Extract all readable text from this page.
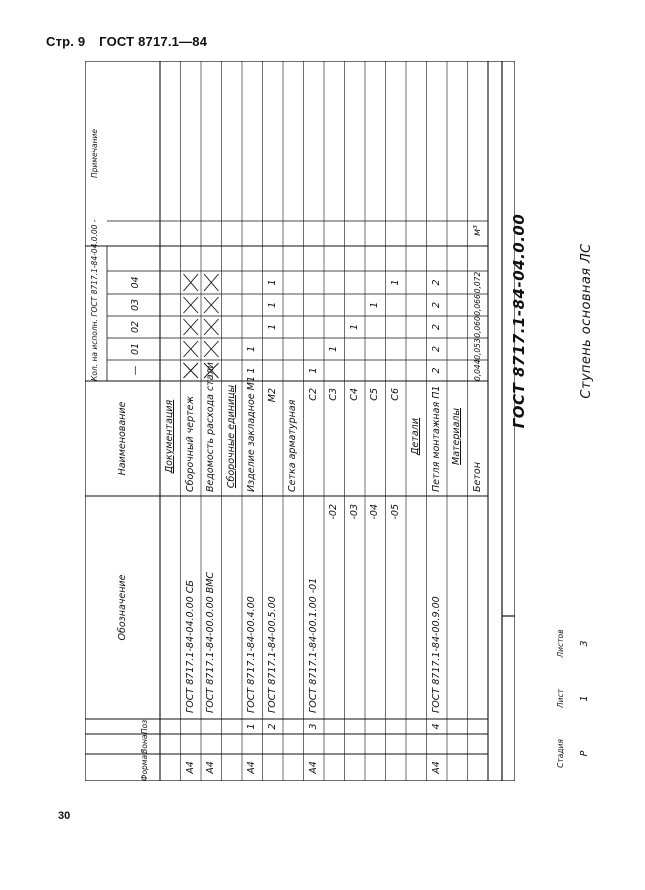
Стр. 9 ГОСТ 8717.1—84
30
Формат
Зона
Поз.
Обозначение
Наименование
Кол. на исполн. ГОСТ 8717.1-84-04.0.00 -
Примечание
—
01
02
03
04
Документация
А4
ГОСТ 8717.1-84-04.0.00 СБ
Сборочный чертеж
А4
ГОСТ 8717.1-84-00.0.00 ВМС
Ведомость расхода стали Сборочные единицы
А4
1
ГОСТ 8717.1-84-00.4.00
Изделие закладное М1
1
1
2
ГОСТ 8717.1-84-00.5.00
М2
1
1
1
Сетка арматурная
А4
3
ГОСТ 8717.1-84-00.1.00 -01
С2
1
-02
С3
1
-03
С4
1
-04
С5
1
-05
С6
1
Детали
А4
4
ГОСТ 8717.1-84-00.9.00
Петля монтажная П1
2
2
2
2
2
Материалы
Бетон
0,044
0,053
0,060
0,066
0,072
м³ ГОСТ 8717.1-84-04.0.00	Ступень основная ЛС
Стадия
Лист
Листов
Р
1
3
